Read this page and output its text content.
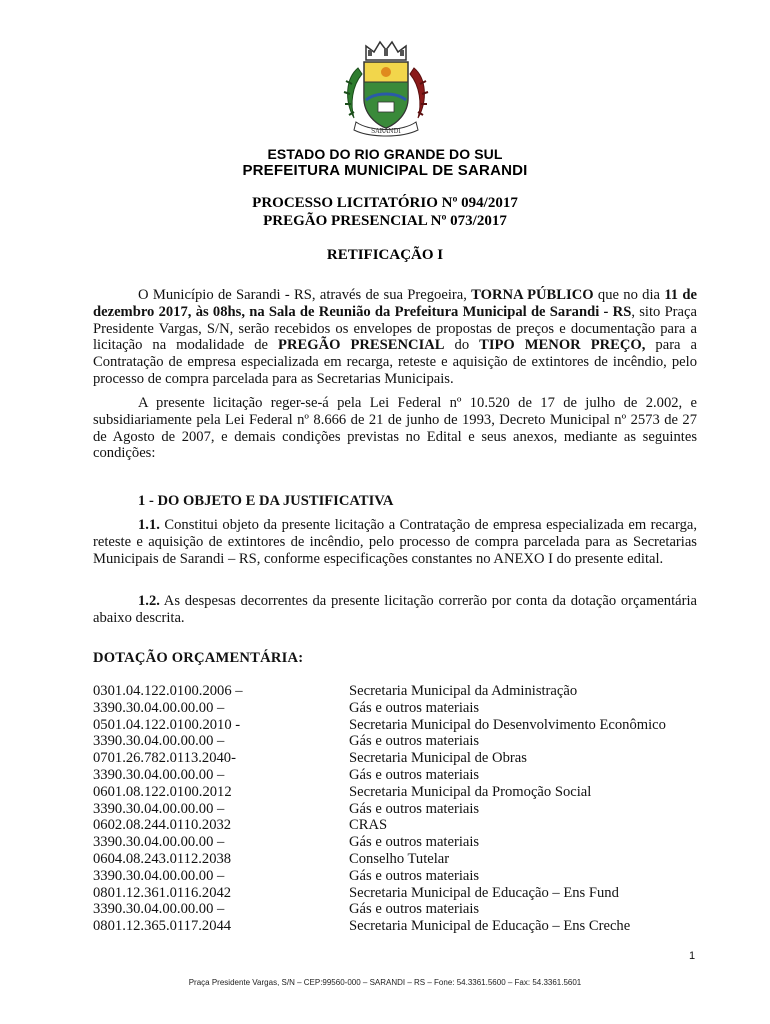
SARANDI
ESTADO DO RIO GRANDE DO SUL
PREFEITURA MUNICIPAL DE SARANDI
PROCESSO LICITATÓRIO Nº 094/2017
PREGÃO PRESENCIAL Nº 073/2017
RETIFICAÇÃO I

O Município de Sarandi - RS, através de sua Pregoeira, TORNA PÚBLICO que no dia 11 de dezembro 2017, às 08hs, na Sala de Reunião da Prefeitura Municipal de Sarandi - RS, sito Praça Presidente Vargas, S/N, serão recebidos os envelopes de propostas de preços e documentação para a licitação na modalidade de PREGÃO PRESENCIAL do TIPO MENOR PREÇO, para a Contratação de empresa especializada em recarga, reteste e aquisição de extintores de incêndio, pelo processo de compra parcelada para as Secretarias Municipais.

A presente licitação reger-se-á pela Lei Federal nº 10.520 de 17 de julho de 2.002, e subsidiariamente pela Lei Federal nº 8.666 de 21 de junho de 1993, Decreto Municipal nº 2573 de 27 de Agosto de 2007, e demais condições previstas no Edital e seus anexos, mediante as seguintes condições:

1 - DO OBJETO E DA JUSTIFICATIVA

1.1. Constitui objeto da presente licitação a Contratação de empresa especializada em recarga, reteste e aquisição de extintores de incêndio, pelo processo de compra parcelada para as Secretarias Municipais de Sarandi – RS, conforme especificações constantes no ANEXO I do presente edital.

1.2. As despesas decorrentes da presente licitação correrão por conta da dotação orçamentária abaixo descrita.

DOTAÇÃO ORÇAMENTÁRIA:
0301.04.122.0100.2006 –	Secretaria Municipal da Administração
3390.30.04.00.00.00 –	Gás e outros materiais
0501.04.122.0100.2010 -	Secretaria Municipal do Desenvolvimento Econômico
3390.30.04.00.00.00 –	Gás e outros materiais
0701.26.782.0113.2040-	Secretaria Municipal de Obras
3390.30.04.00.00.00 –	Gás e outros materiais
0601.08.122.0100.2012	Secretaria Municipal da Promoção Social
3390.30.04.00.00.00 –	Gás e outros materiais
0602.08.244.0110.2032	CRAS
3390.30.04.00.00.00 –	Gás e outros materiais
0604.08.243.0112.2038	Conselho Tutelar
3390.30.04.00.00.00 –	Gás e outros materiais
0801.12.361.0116.2042	Secretaria Municipal de Educação – Ens Fund
3390.30.04.00.00.00 –	Gás e outros materiais
0801.12.365.0117.2044	Secretaria Municipal de Educação – Ens Creche
1
Praça Presidente Vargas, S/N – CEP:99560-000 – SARANDI – RS – Fone: 54.3361.5600 – Fax: 54.3361.5601
